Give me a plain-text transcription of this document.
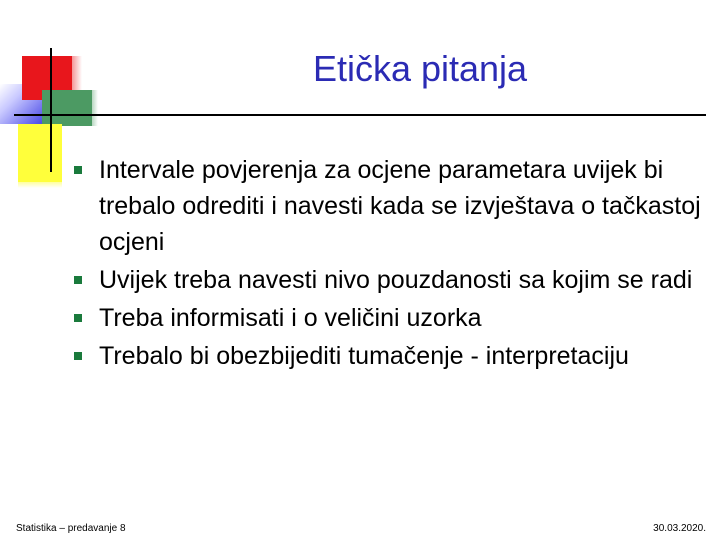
Etička pitanja
Intervale povjerenja za ocjene parametara uvijek bi trebalo odrediti i navesti kada se izvještava o tačkastoj ocjeni
Uvijek treba navesti nivo pouzdanosti sa kojim se radi
Treba informisati i o veličini uzorka
Trebalo bi obezbijediti tumačenje - interpretaciju
Statistika – predavanje 8	30.03.2020.
